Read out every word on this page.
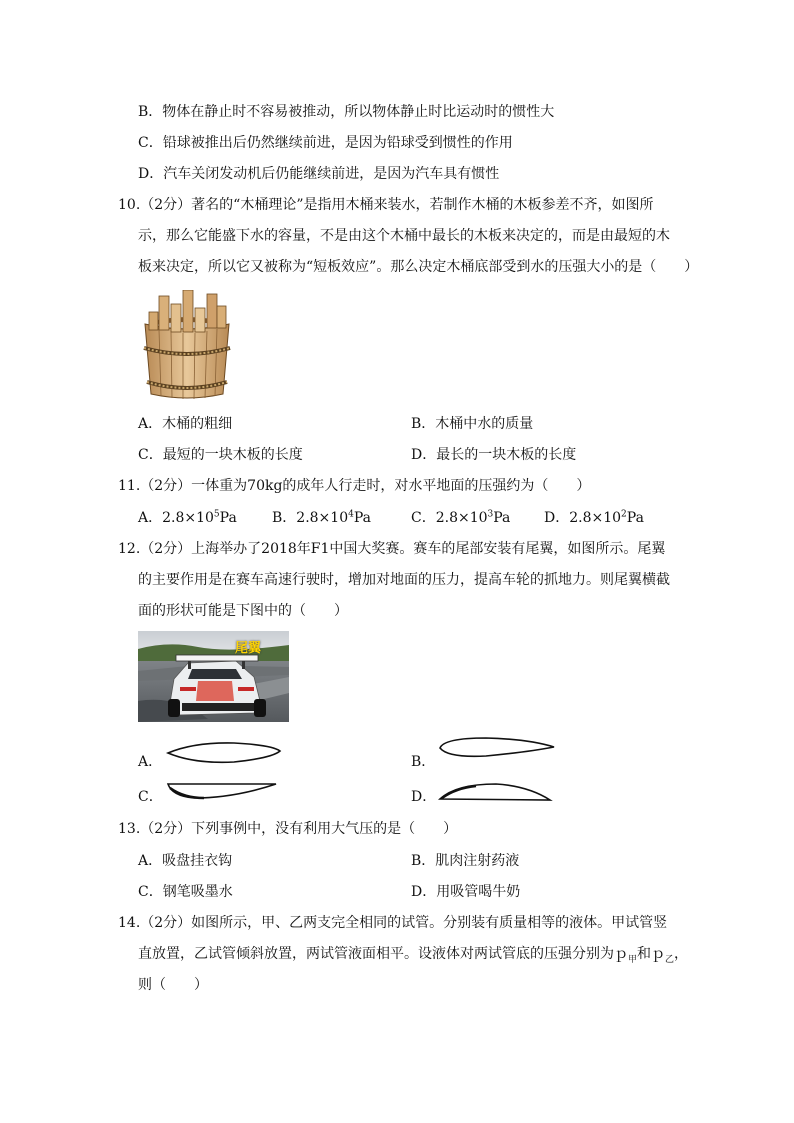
B．物体在静止时不容易被推动，所以物体静止时比运动时的惯性大
C．铅球被推出后仍然继续前进，是因为铅球受到惯性的作用
D．汽车关闭发动机后仍能继续前进，是因为汽车具有惯性
10.（2分）著名的“木桶理论”是指用木桶来装水，若制作木桶的木板参差不齐，如图所
示，那么它能盛下水的容量，不是由这个木桶中最长的木板来决定的，而是由最短的木
板来决定，所以它又被称为“短板效应”。那么决定木桶底部受到水的压强大小的是（　　）
A．木桶的粗细	B．木桶中水的质量
C．最短的一块木板的长度	D．最长的一块木板的长度
11.（2分）一体重为70kg的成年人行走时，对水平地面的压强约为（　　）
A．$2.8\times 10^5Pa$	B．$2.8\times 10^4Pa$	C．$2.8\times 10^3Pa$ D．$2.8\times 10^2Pa$
12.（2分）上海举办了2018年F1中国大奖赛。赛车的尾部安装有尾翼，如图所示。尾翼
的主要作用是在赛车高速行驶时，增加对地面的压力，提高车轮的抓地力。则尾翼横截
面的形状可能是下图中的（　　）
尾翼
A．	B．
C．	D．
13.（2分）下列事例中，没有利用大气压的是（　　）
A．吸盘挂衣钩	B．肌肉注射药液
C．钢笔吸墨水	D．用吸管喝牛奶
14.（2分）如图所示，甲、乙两支完全相同的试管。分别装有质量相等的液体。甲试管竖
直放置，乙试管倾斜放置，两试管液面相平。设液体对两试管底的压强分别为ｐ$_甲$和ｐ$_乙$，
则（　　）
